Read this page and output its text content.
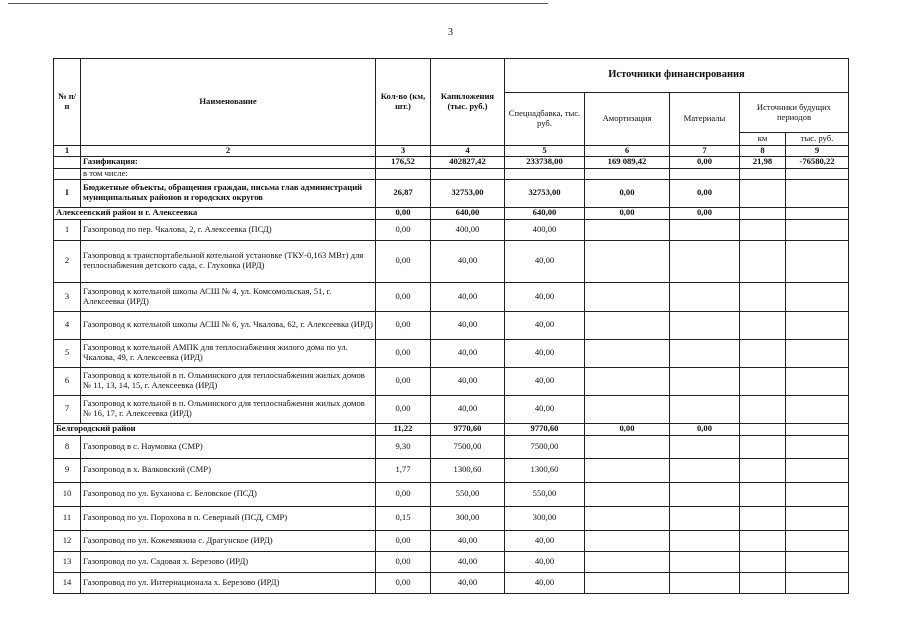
3
№ п/п	Наименование	Кол-во (км, шт.)	Капвложения (тыс. руб.)	Источники финансирования				
				Спецнадбавка, тыс. руб.	Амортизация	Материалы	Источники будущих периодов	
							км	тыс. руб.
1	2	3	4	5	6	7	8	9
	Газификация:	176,52	402827,42	233738,00	169 089,42	0,00	21,98	-76580,22
	в том числе:							
I	Бюджетные объекты, обращения граждан, письма глав администраций муниципальных районов и городских округов	26,87	32753,00	32753,00	0,00	0,00		
Алексеевский район и г. Алексеевка		0,00	640,00	640,00	0,00	0,00		
1	Газопровод по пер. Чкалова, 2, г. Алексеевка (ПСД)	0,00	400,00	400,00				
2	Газопровод к транспортабельной котельной установке (ТКУ-0,163 МВт) для теплоснабжения детского сада, с. Глуховка (ИРД)	0,00	40,00	40,00				
3	Газопровод к котельной школы АСШ № 4, ул. Комсомольская, 51, г. Алексеевка (ИРД)	0,00	40,00	40,00				
4	Газопровод к котельной школы АСШ № 6, ул. Чкалова, 62, г. Алексеевка (ИРД)	0,00	40,00	40,00				
5	Газопровод к котельной АМПК для теплоснабжения жилого дома по ул. Чкалова, 49, г. Алексеевка (ИРД)	0,00	40,00	40,00				
6	Газопровод к котельной в п. Ольминского для теплоснабжения жилых домов № 11, 13, 14, 15, г. Алексеевка (ИРД)	0,00	40,00	40,00				
7	Газопровод к котельной в п. Ольминского для теплоснабжения жилых домов № 16, 17, г. Алексеевка (ИРД)	0,00	40,00	40,00				
Белгородский район		11,22	9770,60	9770,60	0,00	0,00		
8	Газопровод в с. Наумовка (СМР)	9,30	7500,00	7500,00				
9	Газопровод в х. Валковский (СМР)	1,77	1300,60	1300,60				
10	Газопровод по ул. Буханова с. Беловское (ПСД)	0,00	550,00	550,00				
11	Газопровод по ул. Порохова в п. Северный (ПСД, СМР)	0,15	300,00	300,00				
12	Газопровод по ул. Кожемякина с. Драгунское (ИРД)	0,00	40,00	40,00				
13	Газопровод по ул. Садовая х. Березово (ИРД)	0,00	40,00	40,00				
14	Газопровод по ул. Интернационала х. Березово (ИРД)	0,00	40,00	40,00				
